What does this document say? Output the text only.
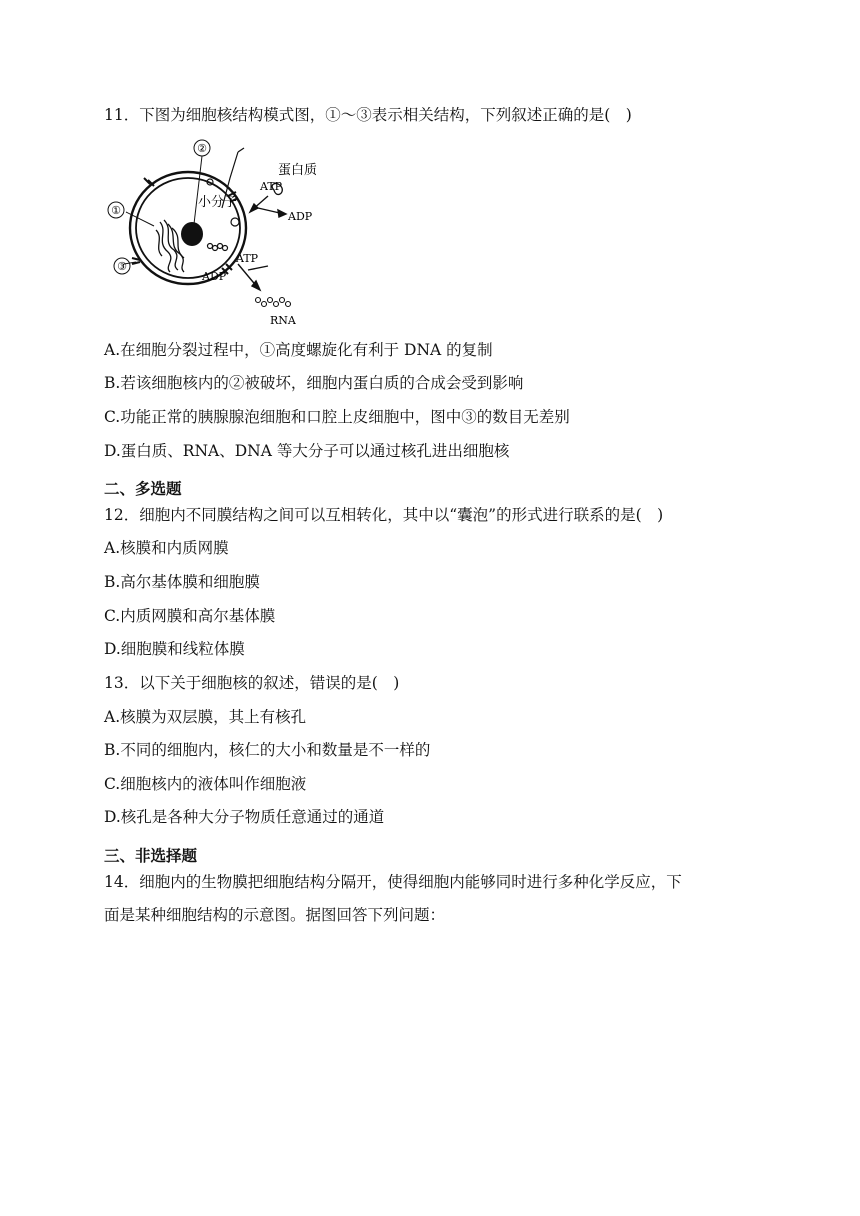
11．下图为细胞核结构模式图，①～③表示相关结构，下列叙述正确的是(　)

②
①
③
蛋白质
小分子
ATP
ADP
ATP
ADP
RNA

A.在细胞分裂过程中，①高度螺旋化有利于 DNA 的复制

B.若该细胞核内的②被破坏，细胞内蛋白质的合成会受到影响

C.功能正常的胰腺腺泡细胞和口腔上皮细胞中，图中③的数目无差别

D.蛋白质、RNA、DNA 等大分子可以通过核孔进出细胞核

二、多选题

12．细胞内不同膜结构之间可以互相转化，其中以“囊泡”的形式进行联系的是(　)

A.核膜和内质网膜

B.高尔基体膜和细胞膜

C.内质网膜和高尔基体膜

D.细胞膜和线粒体膜

13．以下关于细胞核的叙述，错误的是(　)

A.核膜为双层膜，其上有核孔

B.不同的细胞内，核仁的大小和数量是不一样的

C.细胞核内的液体叫作细胞液

D.核孔是各种大分子物质任意通过的通道

三、非选择题

14．细胞内的生物膜把细胞结构分隔开，使得细胞内能够同时进行多种化学反应，下

面是某种细胞结构的示意图。据图回答下列问题：
